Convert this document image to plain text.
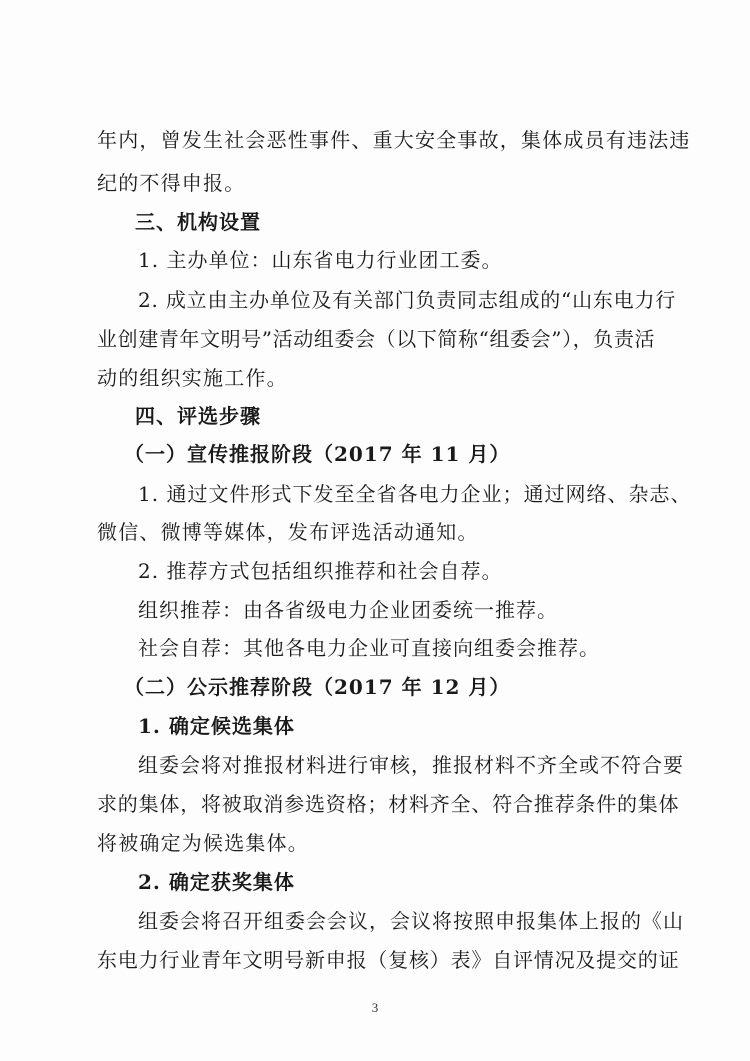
年内，曾发生社会恶性事件、重大安全事故，集体成员有违法违
纪的不得申报。
三、机构设置
1. 主办单位：山东省电力行业团工委。
2. 成立由主办单位及有关部门负责同志组成的“山东电力行
业创建青年文明号”活动组委会（以下简称“组委会”），负责活
动的组织实施工作。
四、评选步骤
（一）宣传推报阶段（2017 年 11 月）
1. 通过文件形式下发至全省各电力企业；通过网络、杂志、
微信、微博等媒体，发布评选活动通知。
2. 推荐方式包括组织推荐和社会自荐。
组织推荐：由各省级电力企业团委统一推荐。
社会自荐：其他各电力企业可直接向组委会推荐。
（二）公示推荐阶段（2017 年 12 月）
1. 确定候选集体
组委会将对推报材料进行审核，推报材料不齐全或不符合要
求的集体，将被取消参选资格；材料齐全、符合推荐条件的集体
将被确定为候选集体。
2. 确定获奖集体
组委会将召开组委会会议，会议将按照申报集体上报的《山
东电力行业青年文明号新申报（复核）表》自评情况及提交的证
3
